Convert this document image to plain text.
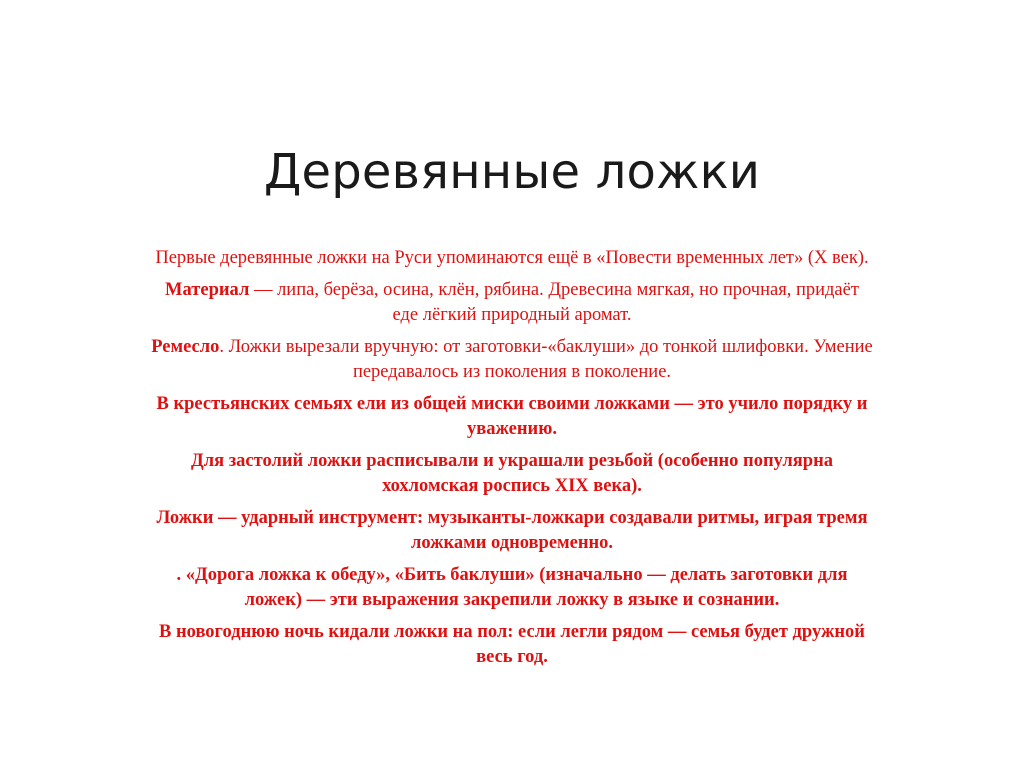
Деревянные ложки

Первые деревянные ложки на Руси упоминаются ещё в «Повести временных лет» (X век).

Материал — липа, берёза, осина, клён, рябина. Древесина мягкая, но прочная, придаёт еде лёгкий природный аромат.

Ремесло. Ложки вырезали вручную: от заготовки-«баклуши» до тонкой шлифовки. Умение передавалось из поколения в поколение.

В крестьянских семьях ели из общей миски своими ложками — это учило порядку и уважению.

Для застолий ложки расписывали и украшали резьбой (особенно популярна хохломская роспись XIX века).

Ложки — ударный инструмент: музыканты-ложкари создавали ритмы, играя тремя ложками одновременно.

. «Дорога ложка к обеду», «Бить баклуши» (изначально — делать заготовки для ложек) — эти выражения закрепили ложку в языке и сознании.

В новогоднюю ночь кидали ложки на пол: если легли рядом — семья будет дружной весь год.
